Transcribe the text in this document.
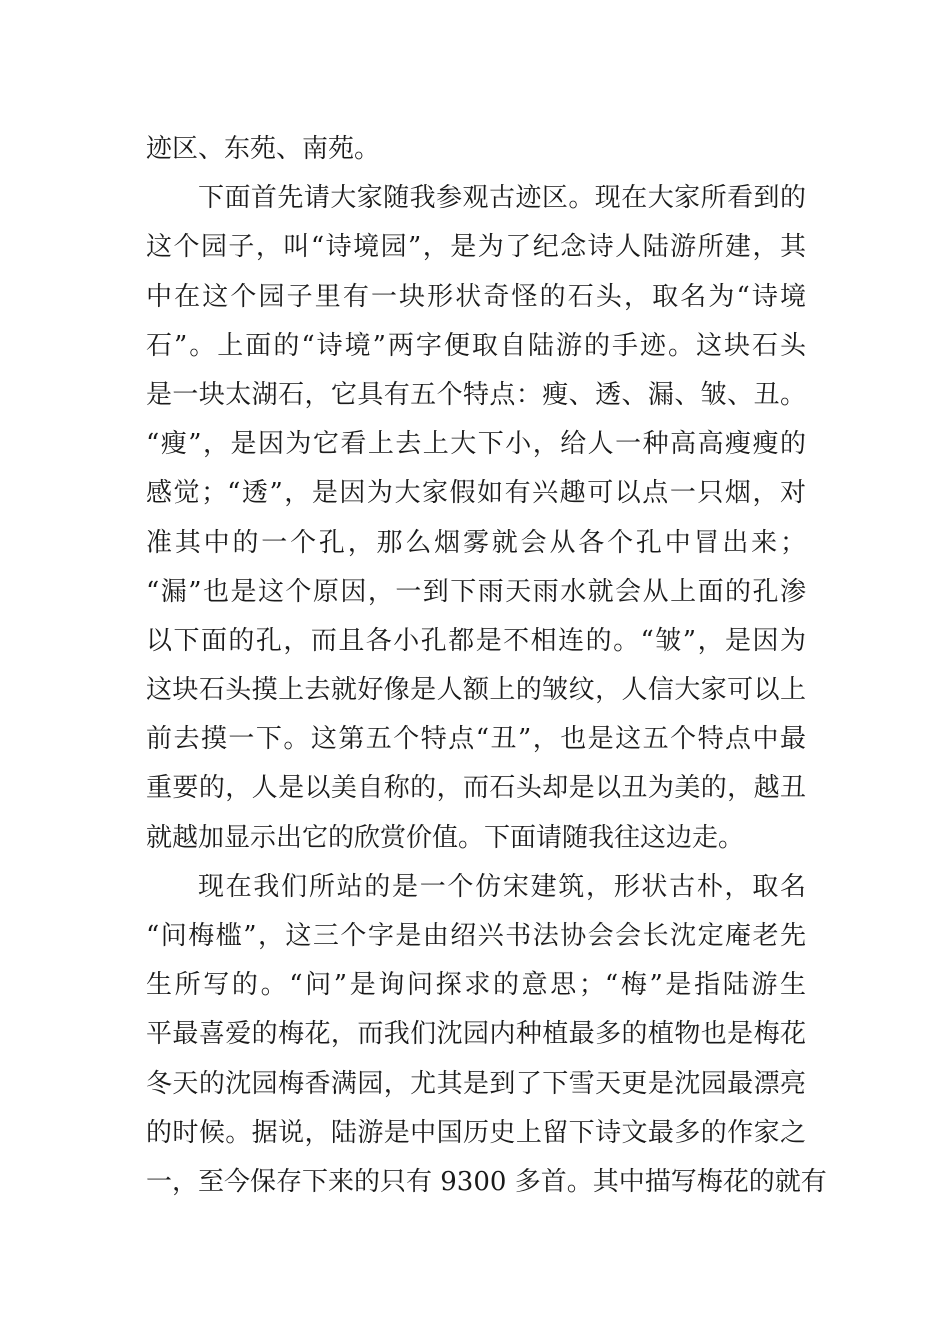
迹区、东苑、南苑。
下面首先请大家随我参观古迹区。现在大家所看到的
这个园子，叫“诗境园”，是为了纪念诗人陆游所建，其
中在这个园子里有一块形状奇怪的石头，取名为“诗境
石”。上面的“诗境”两字便取自陆游的手迹。这块石头
是一块太湖石，它具有五个特点：瘦、透、漏、皱、丑。
“瘦”，是因为它看上去上大下小，给人一种高高瘦瘦的
感觉；“透”，是因为大家假如有兴趣可以点一只烟，对
准其中的一个孔，那么烟雾就会从各个孔中冒出来；
“漏”也是这个原因，一到下雨天雨水就会从上面的孔渗
以下面的孔，而且各小孔都是不相连的。“皱”，是因为
这块石头摸上去就好像是人额上的皱纹，人信大家可以上
前去摸一下。这第五个特点“丑”，也是这五个特点中最
重要的，人是以美自称的，而石头却是以丑为美的，越丑
就越加显示出它的欣赏价值。下面请随我往这边走。
现在我们所站的是一个仿宋建筑，形状古朴，取名
“问梅槛”，这三个字是由绍兴书法协会会长沈定庵老先
生所写的。“问”是询问探求的意思；“梅”是指陆游生
平最喜爱的梅花，而我们沈园内种植最多的植物也是梅花
冬天的沈园梅香满园，尤其是到了下雪天更是沈园最漂亮
的时候。据说，陆游是中国历史上留下诗文最多的作家之
一，至今保存下来的只有 9300 多首。其中描写梅花的就有
